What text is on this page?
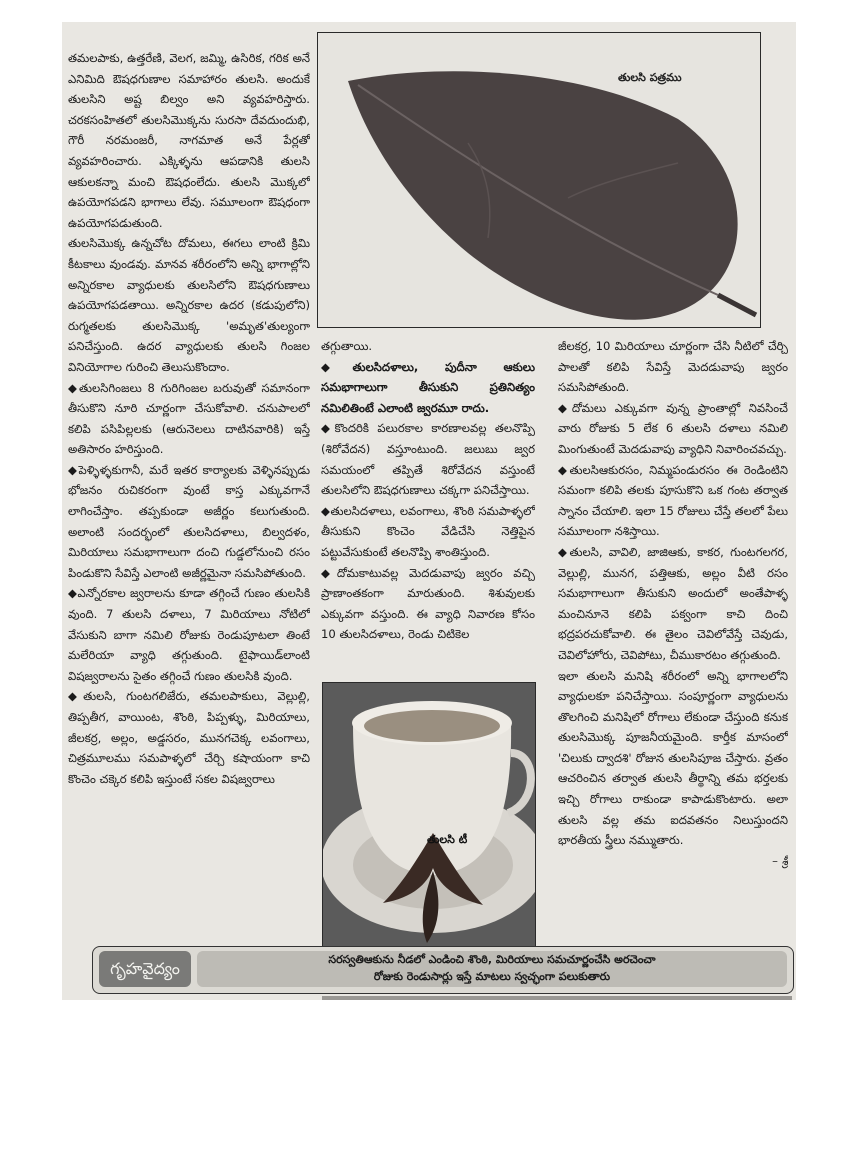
తమలపాకు, ఉత్తరేణి, వెలగ, జమ్మి, ఉసిరిక, గరిక అనే ఎనిమిది ఔషధగుణాల సమాహారం తులసి. అందుకే తులసిని అష్ట బిల్వం అని వ్యవహరిస్తారు. చరకసంహితలో తులసిమొక్కను సురసా దేవదుందుభి, గౌరీ నరమంజరీ, నాగమాత అనే పేర్లతో వ్యవహరించారు. ఎక్కిళ్ళను ఆపడానికి తులసి ఆకులకన్నా మంచి ఔషధంలేదు. తులసి మొక్కలో ఉపయోగపడని భాగాలు లేవు. సమూలంగా ఔషధంగా ఉపయోగపడుతుంది.

తులసిమొక్క ఉన్నచోట దోమలు, ఈగలు లాంటి క్రిమి కీటకాలు వుండవు. మానవ శరీరంలోని అన్ని భాగాల్లోని అన్నిరకాల వ్యాధులకు తులసిలోని ఔషధగుణాలు ఉపయోగపడతాయి. అన్నిరకాల ఉదర (కడుపులోని) రుగ్మతలకు తులసిమొక్క 'అమృత'తుల్యంగా పనిచేస్తుంది. ఉదర వ్యాధులకు తులసి గింజల వినియోగాల గురించి తెలుసుకొందాం.

◆తులసిగింజలు 8 గురిగింజల బరువుతో సమానంగా తీసుకొని నూరి చూర్ణంగా చేసుకోవాలి. చనుపాలలో కలిపి పసిపిల్లలకు (ఆరునెలలు దాటినవారికి) ఇస్తే అతిసారం హరిస్తుంది.

◆పెళ్ళిళ్ళకుగానీ, మరే ఇతర కార్యాలకు వెళ్ళినప్పుడు భోజనం రుచికరంగా వుంటే కాస్త ఎక్కువగానే లాగించేస్తాం. తప్పకుండా అజీర్ణం కలుగుతుంది. అలాంటి సందర్భంలో తులసిదళాలు, బిల్వదళం, మిరియాలు సమభాగాలుగా దంచి గుడ్డలోనుంచి రసం పిండుకొని సేవిస్తే ఎలాంటి అజీర్ణమైనా సమసిపోతుంది.

◆ఎన్నోరకాల జ్వరాలను కూడా తగ్గించే గుణం తులసికి వుంది. 7 తులసి దళాలు, 7 మిరియాలు నోటిలో వేసుకుని బాగా నమిలి రోజుకు రెండుపూటలా తింటే మలేరియా వ్యాధి తగ్గుతుంది. టైఫాయిడ్‌లాంటి విషజ్వరాలను సైతం తగ్గించే గుణం తులసికి వుంది.

◆తులసి, గుంటగలిజేరు, తమలపాకులు, వెల్లుల్లి, తిప్పతీగ, వాయింట, శొంఠి, పిప్పళ్ళు, మిరియాలు, జీలకర్ర, అల్లం, అడ్డసరం, మునగచెక్క లవంగాలు, చిత్రమూలము సమపాళ్ళలో చేర్చి కషాయంగా కాచి కొంచెం చక్కెర కలిపి ఇస్తుంటే సకల విషజ్వరాలు

తులసి పత్రము

తగ్గుతాయి.

◆తులసిదళాలు, పుదీనా ఆకులు సమభాగాలుగా తీసుకుని ప్రతినిత్యం నమిలితింటే ఎలాంటి జ్వరమూ రాదు.

◆కొందరికి పలురకాల కారణాలవల్ల తలనొప్పి (శిరోవేదన) వస్తూంటుంది. జలుబు జ్వర సమయంలో తప్పితే శిరోవేదన వస్తుంటే తులసిలోని ఔషధగుణాలు చక్కగా పనిచేస్తాయి.

◆తులసిదళాలు, లవంగాలు, శొంఠి సమపాళ్ళలో తీసుకుని కొంచెం వేడిచేసి నెత్తిపైన పట్టువేసుకుంటే తలనొప్పి శాంతిస్తుంది.

◆దోమకాటువల్ల మెదడువాపు జ్వరం వచ్చి ప్రాణాంతకంగా మారుతుంది. శిశువులకు ఎక్కువగా వస్తుంది. ఈ వ్యాధి నివారణ కోసం 10 తులసిదళాలు, రెండు చిటికెల

తులసి టీ

జీలకర్ర, 10 మిరియాలు చూర్ణంగా చేసి నీటిలో చేర్చి పాలతో కలిపి సేవిస్తే మెదడువాపు జ్వరం సమసిపోతుంది.

◆దోమలు ఎక్కువగా వున్న ప్రాంతాల్లో నివసించే వారు రోజుకు 5 లేక 6 తులసి దళాలు నమిలి మింగుతుంటే మెదడువాపు వ్యాధిని నివారించవచ్చు.

◆తులసిఆకురసం, నిమ్మపండురసం ఈ రెండింటిని సమంగా కలిపి తలకు పూసుకొని ఒక గంట తర్వాత స్నానం చేయాలి. ఇలా 15 రోజులు చేస్తే తలలో పేలు సమూలంగా నశిస్తాయి.

◆తులసి, వావిలి, జాజిఆకు, కాకర, గుంటగలగర, వెల్లుల్లి, మునగ, పత్తిఆకు, అల్లం వీటి రసం సమభాగాలుగా తీసుకుని అందులో అంతేపాళ్ళ మంచినూనె కలిపి పక్వంగా కాచి దించి భద్రపరచుకోవాలి. ఈ తైలం చెవిలోవేస్తే చెవుడు, చెవిలోహోరు, చెవిపోటు, చీముకారటం తగ్గుతుంది.

ఇలా తులసి మనిషి శరీరంలో అన్ని భాగాలలోని వ్యాధులకూ పనిచేస్తాయి. సంపూర్ణంగా వ్యాధులను తొలగించి మనిషిలో రోగాలు లేకుండా చేస్తుంది కనుక తులసిమొక్క పూజనీయమైంది. కార్తీక మాసంలో 'చిలుకు ద్వాదశి' రోజున తులసిపూజ చేస్తారు. వ్రతం ఆచరించిన తర్వాత తులసి తీర్థాన్ని తమ భర్తలకు ఇచ్చి రోగాలు రాకుండా కాపాడుకొంటారు. అలా తులసి వల్ల తమ ఐదవతనం నిలుస్తుందని భారతీయ స్త్రీలు నమ్ముతారు.

– శ్రీ

గృహవైద్యం	సరస్వతిఆకును నీడలో ఎండించి శొంఠి, మిరియాలు సమచూర్ణంచేసి అరచెంచా
రోజుకు రెండుసార్లు ఇస్తే మాటలు స్వచ్ఛంగా పలుకుతారు
